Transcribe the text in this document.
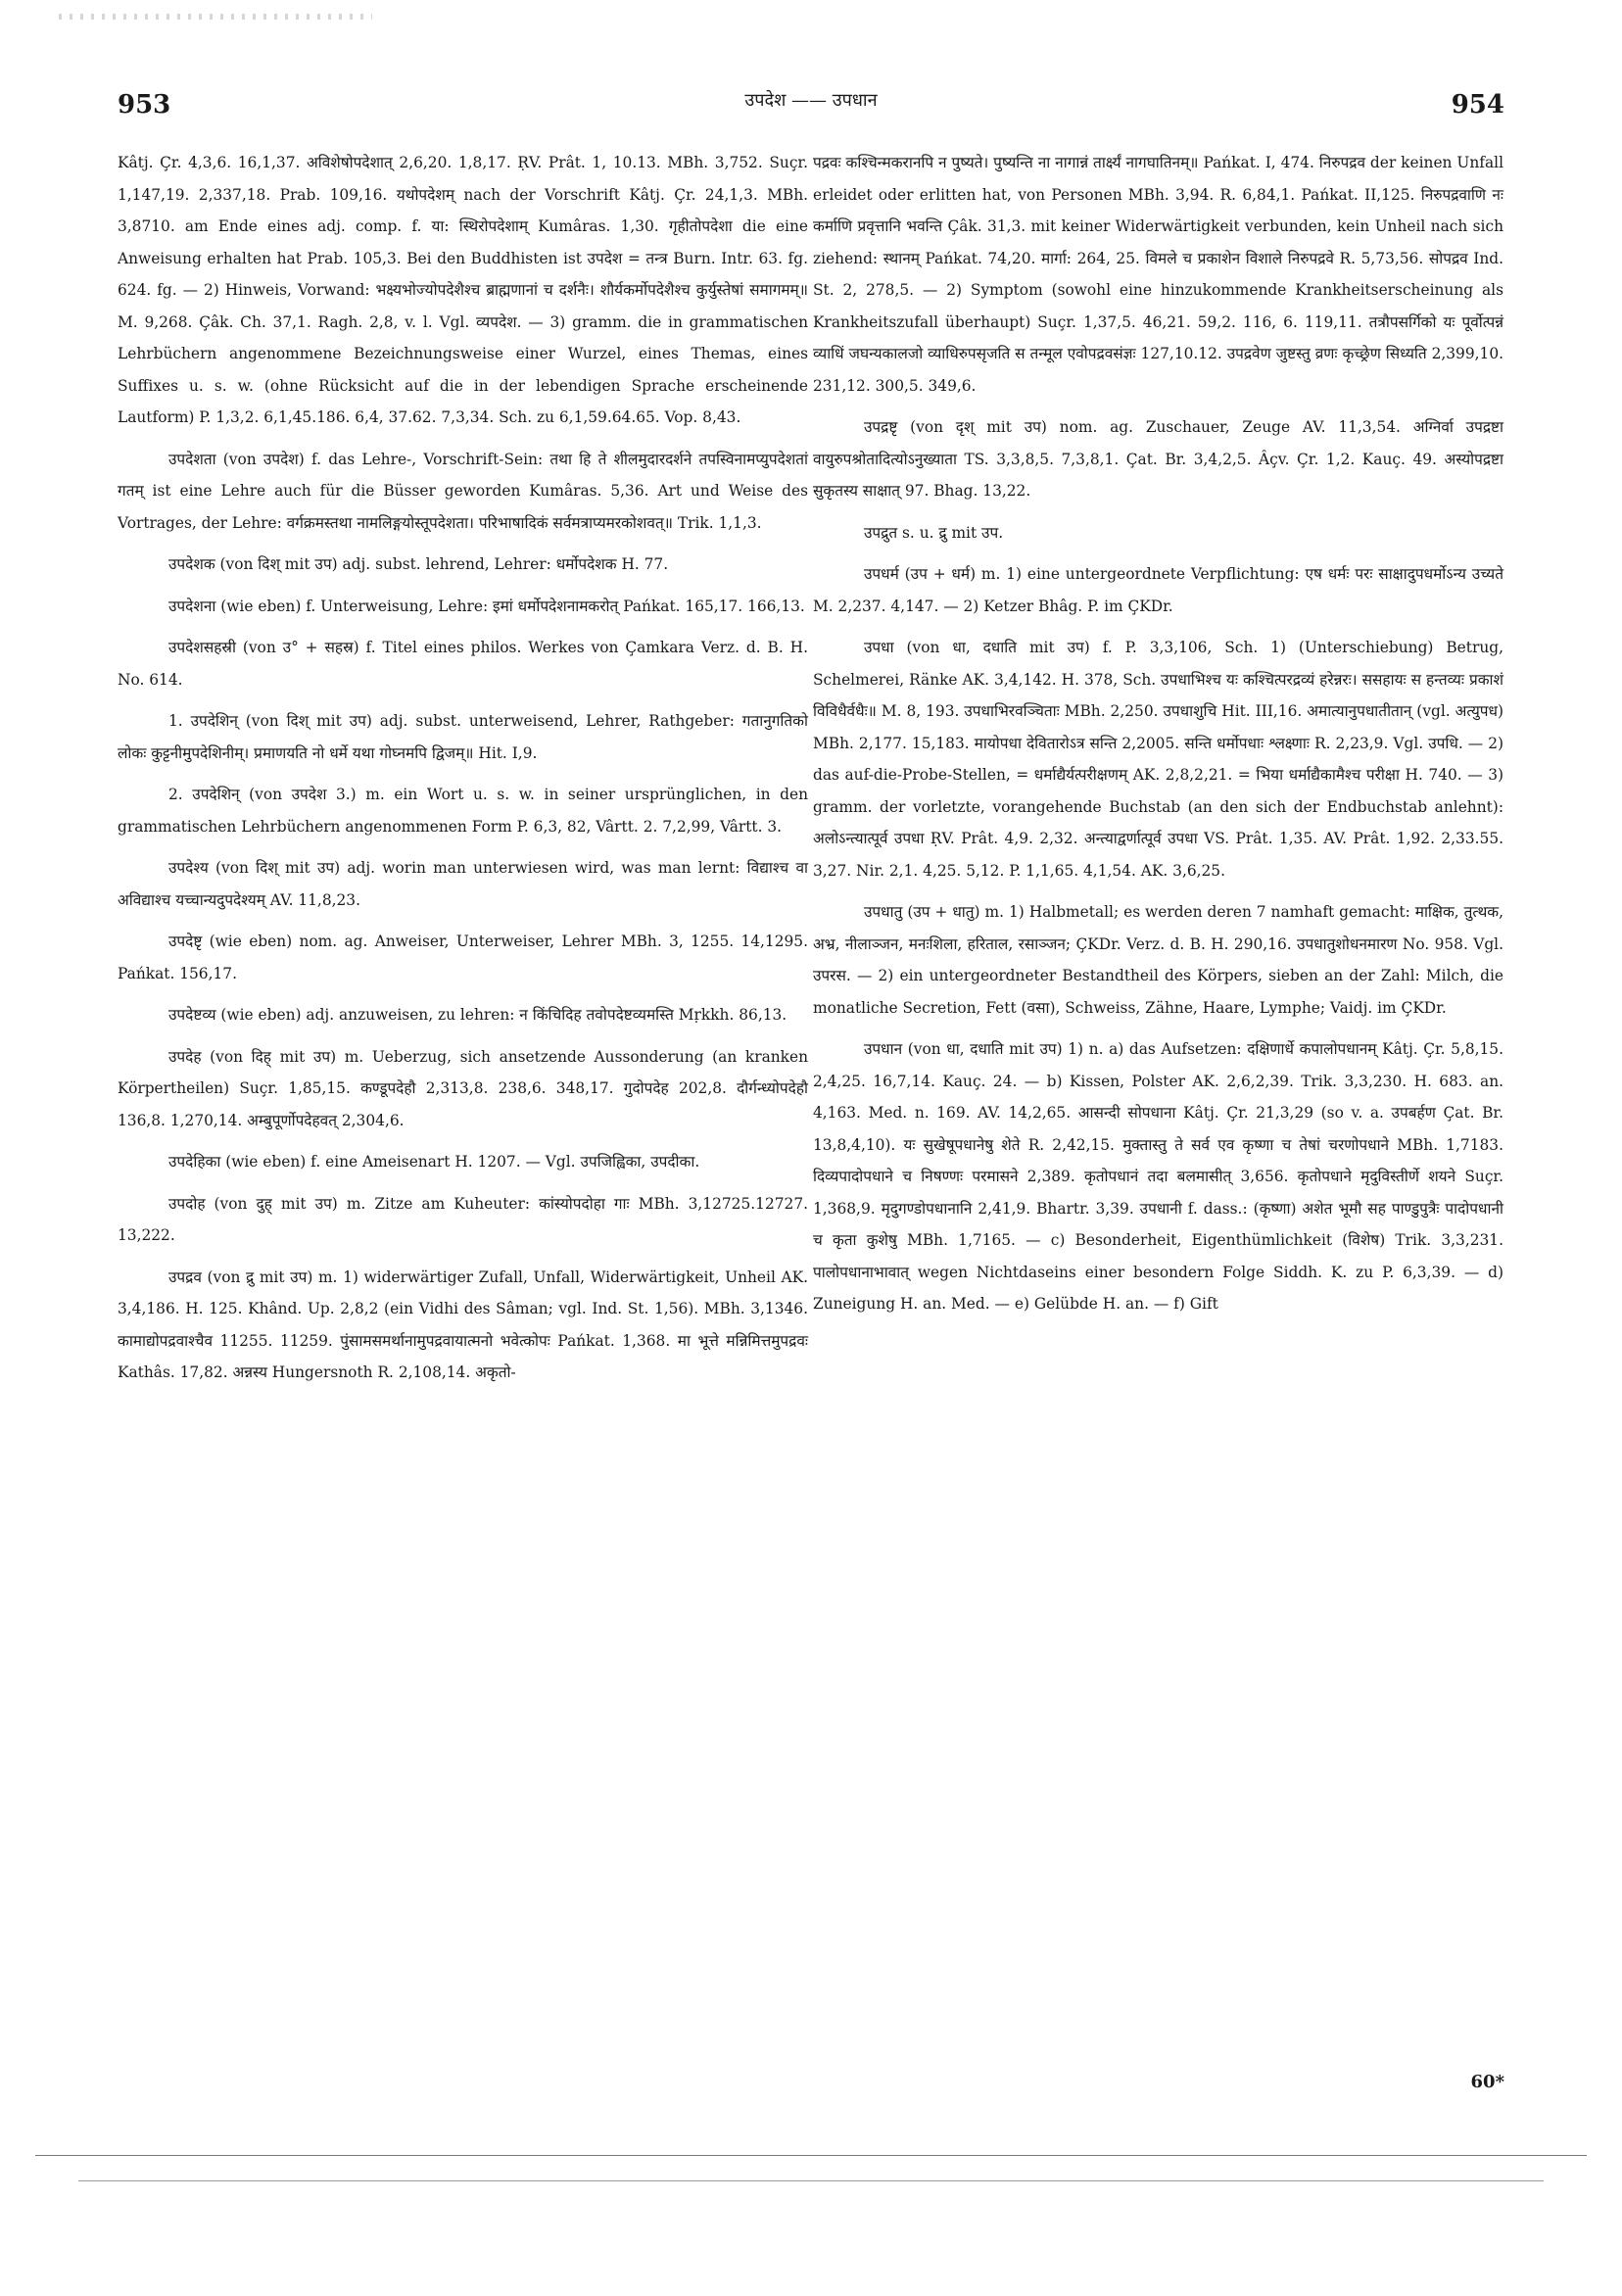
953	उपदेश —— उपधान	954

Kâtj. Çr. 4,3,6. 16,1,37. अविशेषोपदेशात् 2,6,20. 1,8,17. ṚV. Prât. 1, 10.13. MBh. 3,752. Suçr. 1,147,19. 2,337,18. Prab. 109,16. यथोपदेशम् nach der Vorschrift Kâtj. Çr. 24,1,3. MBh. 3,8710. am Ende eines adj. comp. f. या: स्थिरोपदेशाम् Kumâras. 1,30. गृहीतोपदेशा die eine Anweisung erhalten hat Prab. 105,3. Bei den Buddhisten ist उपदेश = तन्त्र Burn. Intr. 63. fg. 624. fg. — 2) Hinweis, Vorwand: भक्ष्यभोज्योपदेशैश्च ब्राह्मणानां च दर्शनैः। शौर्यकर्मोपदेशैश्च कुर्युस्तेषां समागमम्॥ M. 9,268. Çâk. Ch. 37,1. Ragh. 2,8, v. l. Vgl. व्यपदेश. — 3) gramm. die in grammatischen Lehrbüchern angenommene Bezeichnungsweise einer Wurzel, eines Themas, eines Suffixes u. s. w. (ohne Rücksicht auf die in der lebendigen Sprache erscheinende Lautform) P. 1,3,2. 6,1,45.186. 6,4, 37.62. 7,3,34. Sch. zu 6,1,59.64.65. Vop. 8,43.

उपदेशता (von उपदेश) f. das Lehre-, Vorschrift-Sein: तथा हि ते शीलमुदारदर्शने तपस्विनामप्युपदेशतां गतम् ist eine Lehre auch für die Büsser geworden Kumâras. 5,36. Art und Weise des Vortrages, der Lehre: वर्गक्रमस्तथा नामलिङ्गयोस्तूपदेशता। परिभाषादिकं सर्वमत्राप्यमरकोशवत्॥ Trik. 1,1,3.

उपदेशक (von दिश् mit उप) adj. subst. lehrend, Lehrer: धर्मोपदेशक H. 77.

उपदेशना (wie eben) f. Unterweisung, Lehre: इमां धर्मोपदेशनामकरोत् Pańkat. 165,17. 166,13.

उपदेशसहस्री (von उ° + सहस्र) f. Titel eines philos. Werkes von Çamkara Verz. d. B. H. No. 614.

1. उपदेशिन् (von दिश् mit उप) adj. subst. unterweisend, Lehrer, Rathgeber: गतानुगतिको लोकः कुट्टनीमुपदेशिनीम्। प्रमाणयति नो धर्मे यथा गोघ्नमपि द्विजम्॥ Hit. I,9.

2. उपदेशिन् (von उपदेश 3.) m. ein Wort u. s. w. in seiner ursprünglichen, in den grammatischen Lehrbüchern angenommenen Form P. 6,3, 82, Vârtt. 2. 7,2,99, Vârtt. 3.

उपदेश्य (von दिश् mit उप) adj. worin man unterwiesen wird, was man lernt: विद्याश्च वा अविद्याश्च यच्चान्यदुपदेश्यम् AV. 11,8,23.

उपदेष्टृ (wie eben) nom. ag. Anweiser, Unterweiser, Lehrer MBh. 3, 1255. 14,1295. Pańkat. 156,17.

उपदेष्टव्य (wie eben) adj. anzuweisen, zu lehren: न किंचिदिह तवोपदेष्टव्यमस्ति Mṛkkh. 86,13.

उपदेह (von दिह् mit उप) m. Ueberzug, sich ansetzende Aussonderung (an kranken Körpertheilen) Suçr. 1,85,15. कण्डूपदेहौ 2,313,8. 238,6. 348,17. गुदोपदेह 202,8. दौर्गन्ध्योपदेहौ 136,8. 1,270,14. अम्बुपूर्णोपदेहवत् 2,304,6.

उपदेहिका (wie eben) f. eine Ameisenart H. 1207. — Vgl. उपजिह्विका, उपदीका.

उपदोह (von दुह् mit उप) m. Zitze am Kuheuter: कांस्योपदोहा गाः MBh. 3,12725.12727. 13,222.

उपद्रव (von द्रु mit उप) m. 1) widerwärtiger Zufall, Unfall, Widerwärtigkeit, Unheil AK. 3,4,186. H. 125. Khând. Up. 2,8,2 (ein Vidhi des Sâman; vgl. Ind. St. 1,56). MBh. 3,1346. कामाद्योपद्रवाश्चैव 11255. 11259. पुंसामसमर्थानामुपद्रवायात्मनो भवेत्कोपः Pańkat. 1,368. मा भूत्ते मन्निमित्तमुपद्रवः Kathâs. 17,82. अन्नस्य Hungersnoth R. 2,108,14. अकृतो-

पद्रवः कश्चिन्मकरानपि न पुष्यते। पुष्यन्ति ना नागान्नं तार्क्ष्यं नागघातिनम्॥ Pańkat. I, 474. निरुपद्रव der keinen Unfall erleidet oder erlitten hat, von Personen MBh. 3,94. R. 6,84,1. Pańkat. II,125. निरुपद्रवाणि नः कर्माणि प्रवृत्तानि भवन्ति Çâk. 31,3. mit keiner Widerwärtigkeit verbunden, kein Unheil nach sich ziehend: स्थानम् Pańkat. 74,20. मार्गा: 264, 25. विमले च प्रकाशेन विशाले निरुपद्रवे R. 5,73,56. सोपद्रव Ind. St. 2, 278,5. — 2) Symptom (sowohl eine hinzukommende Krankheitserscheinung als Krankheitszufall überhaupt) Suçr. 1,37,5. 46,21. 59,2. 116, 6. 119,11. तत्रौपसर्गिको यः पूर्वोत्पन्नं व्याधिं जघन्यकालजो व्याधिरुपसृजति स तन्मूल एवोपद्रवसंज्ञः 127,10.12. उपद्रवेण जुष्टस्तु व्रणः कृच्छ्रेण सिध्यति 2,399,10. 231,12. 300,5. 349,6.

उपद्रष्टृ (von दृश् mit उप) nom. ag. Zuschauer, Zeuge AV. 11,3,54. अग्निर्वा उपद्रष्टा वायुरुपश्रोतादित्योऽनुख्याता TS. 3,3,8,5. 7,3,8,1. Çat. Br. 3,4,2,5. Âçv. Çr. 1,2. Kauç. 49. अस्योपद्रष्टा सुकृतस्य साक्षात् 97. Bhag. 13,22.

उपद्रुत s. u. द्रु mit उप.

उपधर्म (उप + धर्म) m. 1) eine untergeordnete Verpflichtung: एष धर्मः परः साक्षादुपधर्मोऽन्य उच्यते M. 2,237. 4,147. — 2) Ketzer Bhâg. P. im ÇKDr.

उपधा (von धा, दधाति mit उप) f. P. 3,3,106, Sch. 1) (Unterschiebung) Betrug, Schelmerei, Ränke AK. 3,4,142. H. 378, Sch. उपधाभिश्च यः कश्चित्परद्रव्यं हरेन्नरः। ससहायः स हन्तव्यः प्रकाशं विविधैर्वधैः॥ M. 8, 193. उपधाभिरवञ्चिताः MBh. 2,250. उपधाशुचि Hit. III,16. अमात्यानुपधातीतान् (vgl. अत्युपध) MBh. 2,177. 15,183. मायोपधा देवितारोऽत्र सन्ति 2,2005. सन्ति धर्मोपधाः श्लक्ष्णाः R. 2,23,9. Vgl. उपधि. — 2) das auf-die-Probe-Stellen, = धर्माद्यैर्यत्परीक्षणम् AK. 2,8,2,21. = भिया धर्माद्यैकामैश्च परीक्षा H. 740. — 3) gramm. der vorletzte, vorangehende Buchstab (an den sich der Endbuchstab anlehnt): अलोऽन्त्यात्पूर्व उपधा ṚV. Prât. 4,9. 2,32. अन्त्याद्वर्णात्पूर्व उपधा VS. Prât. 1,35. AV. Prât. 1,92. 2,33.55. 3,27. Nir. 2,1. 4,25. 5,12. P. 1,1,65. 4,1,54. AK. 3,6,25.

उपधातु (उप + धातु) m. 1) Halbmetall; es werden deren 7 namhaft gemacht: माक्षिक, तुत्थक, अभ्र, नीलाञ्जन, मनःशिला, हरिताल, रसाञ्जन; ÇKDr. Verz. d. B. H. 290,16. उपधातुशोधनमारण No. 958. Vgl. उपरस. — 2) ein untergeordneter Bestandtheil des Körpers, sieben an der Zahl: Milch, die monatliche Secretion, Fett (वसा), Schweiss, Zähne, Haare, Lymphe; Vaidj. im ÇKDr.

उपधान (von धा, दधाति mit उप) 1) n. a) das Aufsetzen: दक्षिणार्धे कपालोपधानम् Kâtj. Çr. 5,8,15. 2,4,25. 16,7,14. Kauç. 24. — b) Kissen, Polster AK. 2,6,2,39. Trik. 3,3,230. H. 683. an. 4,163. Med. n. 169. AV. 14,2,65. आसन्दी सोपधाना Kâtj. Çr. 21,3,29 (so v. a. उपबर्हण Çat. Br. 13,8,4,10). यः सुखेषूपधानेषु शेते R. 2,42,15. मुक्तास्तु ते सर्व एव कृष्णा च तेषां चरणोपधाने MBh. 1,7183. दिव्यपादोपधाने च निषण्णः परमासने 2,389. कृतोपधानं तदा बलमासीत् 3,656. कृतोपधाने मृदुविस्तीर्णे शयने Suçr. 1,368,9. मृदुगण्डोपधानानि 2,41,9. Bhartr. 3,39. उपधानी f. dass.: (कृष्णा) अशेत भूमौ सह पाण्डुपुत्रैः पादोपधानी च कृता कुशेषु MBh. 1,7165. — c) Besonderheit, Eigenthümlichkeit (विशेष) Trik. 3,3,231. पालोपधानाभावात् wegen Nichtdaseins einer besondern Folge Siddh. K. zu P. 6,3,39. — d) Zuneigung H. an. Med. — e) Gelübde H. an. — f) Gift

60*
